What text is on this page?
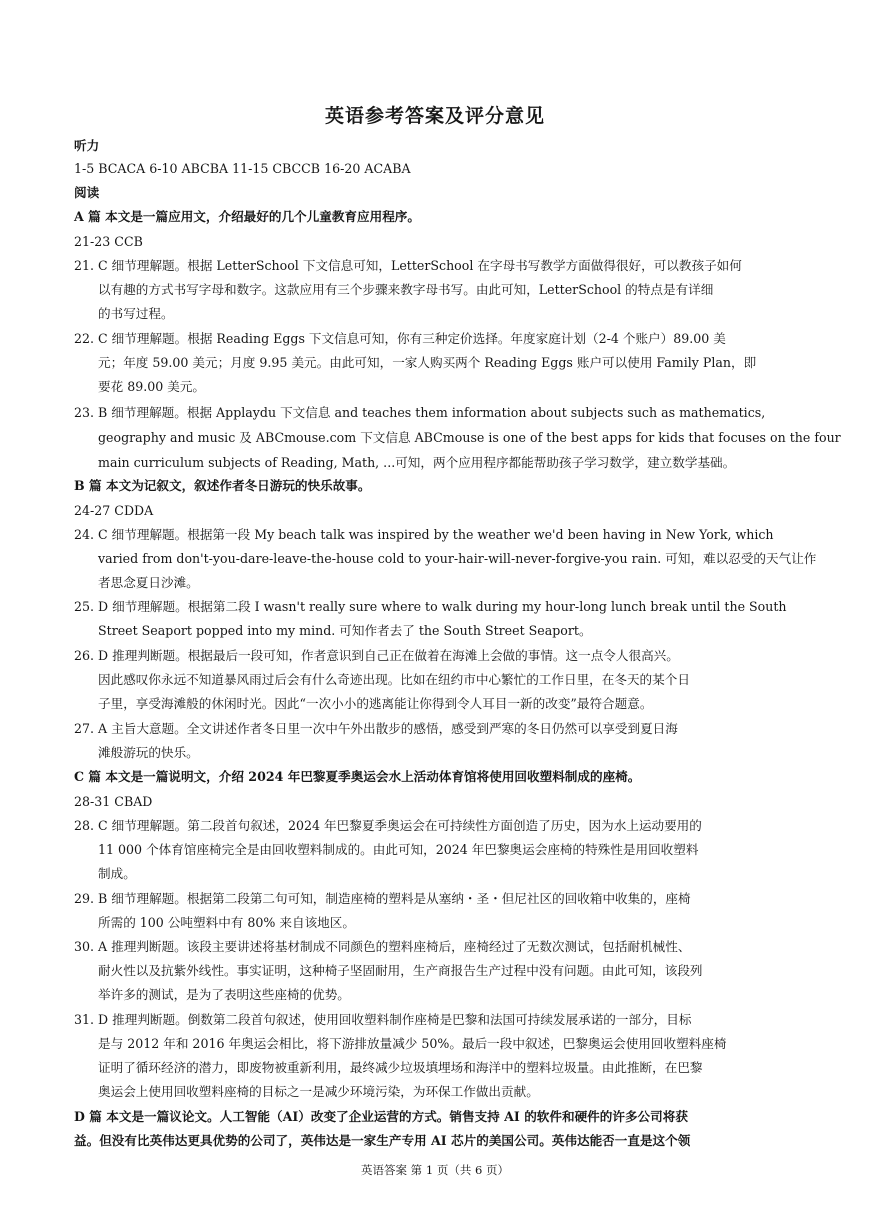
英语参考答案及评分意见
听力
1-5 BCACA 6-10 ABCBA 11-15 CBCCB 16-20 ACABA
阅读
A 篇 本文是一篇应用文，介绍最好的几个儿童教育应用程序。
21-23 CCB
21. C 细节理解题。根据 LetterSchool 下文信息可知，LetterSchool 在字母书写教学方面做得很好，可以教孩子如何
以有趣的方式书写字母和数字。这款应用有三个步骤来教字母书写。由此可知，LetterSchool 的特点是有详细
的书写过程。
22. C 细节理解题。根据 Reading Eggs 下文信息可知，你有三种定价选择。年度家庭计划（2-4 个账户）89.00 美
元；年度 59.00 美元；月度 9.95 美元。由此可知，一家人购买两个 Reading Eggs 账户可以使用 Family Plan，即
要花 89.00 美元。
23. B 细节理解题。根据 Applaydu 下文信息 and teaches them information about subjects such as mathematics,
geography and music 及 ABCmouse.com 下文信息 ABCmouse is one of the best apps for kids that focuses on the four
main curriculum subjects of Reading, Math, ...可知，两个应用程序都能帮助孩子学习数学，建立数学基础。
B 篇 本文为记叙文，叙述作者冬日游玩的快乐故事。
24-27 CDDA
24. C 细节理解题。根据第一段 My beach talk was inspired by the weather we'd been having in New York, which
varied from don't-you-dare-leave-the-house cold to your-hair-will-never-forgive-you rain. 可知，难以忍受的天气让作
者思念夏日沙滩。
25. D 细节理解题。根据第二段 I wasn't really sure where to walk during my hour-long lunch break until the South
Street Seaport popped into my mind. 可知作者去了 the South Street Seaport。
26. D 推理判断题。根据最后一段可知，作者意识到自己正在做着在海滩上会做的事情。这一点令人很高兴。
因此感叹你永远不知道暴风雨过后会有什么奇迹出现。比如在纽约市中心繁忙的工作日里，在冬天的某个日
子里，享受海滩般的休闲时光。因此“一次小小的逃离能让你得到令人耳目一新的改变”最符合题意。
27. A 主旨大意题。全文讲述作者冬日里一次中午外出散步的感悟，感受到严寒的冬日仍然可以享受到夏日海
滩般游玩的快乐。
C 篇 本文是一篇说明文，介绍 2024 年巴黎夏季奥运会水上活动体育馆将使用回收塑料制成的座椅。
28-31 CBAD
28. C 细节理解题。第二段首句叙述，2024 年巴黎夏季奥运会在可持续性方面创造了历史，因为水上运动要用的
11 000 个体育馆座椅完全是由回收塑料制成的。由此可知，2024 年巴黎奥运会座椅的特殊性是用回收塑料
制成。
29. B 细节理解题。根据第二段第二句可知，制造座椅的塑料是从塞纳・圣・但尼社区的回收箱中收集的，座椅
所需的 100 公吨塑料中有 80% 来自该地区。
30. A 推理判断题。该段主要讲述将基材制成不同颜色的塑料座椅后，座椅经过了无数次测试，包括耐机械性、
耐火性以及抗紫外线性。事实证明，这种椅子坚固耐用，生产商报告生产过程中没有问题。由此可知，该段列
举许多的测试，是为了表明这些座椅的优势。
31. D 推理判断题。倒数第二段首句叙述，使用回收塑料制作座椅是巴黎和法国可持续发展承诺的一部分，目标
是与 2012 年和 2016 年奥运会相比，将下游排放量减少 50%。最后一段中叙述，巴黎奥运会使用回收塑料座椅
证明了循环经济的潜力，即废物被重新利用，最终减少垃圾填埋场和海洋中的塑料垃圾量。由此推断，在巴黎
奥运会上使用回收塑料座椅的目标之一是减少环境污染，为环保工作做出贡献。
D 篇 本文是一篇议论文。人工智能（AI）改变了企业运营的方式。销售支持 AI 的软件和硬件的许多公司将获
益。但没有比英伟达更具优势的公司了，英伟达是一家生产专用 AI 芯片的美国公司。英伟达能否一直是这个领
英语答案 第 1 页（共 6 页）
